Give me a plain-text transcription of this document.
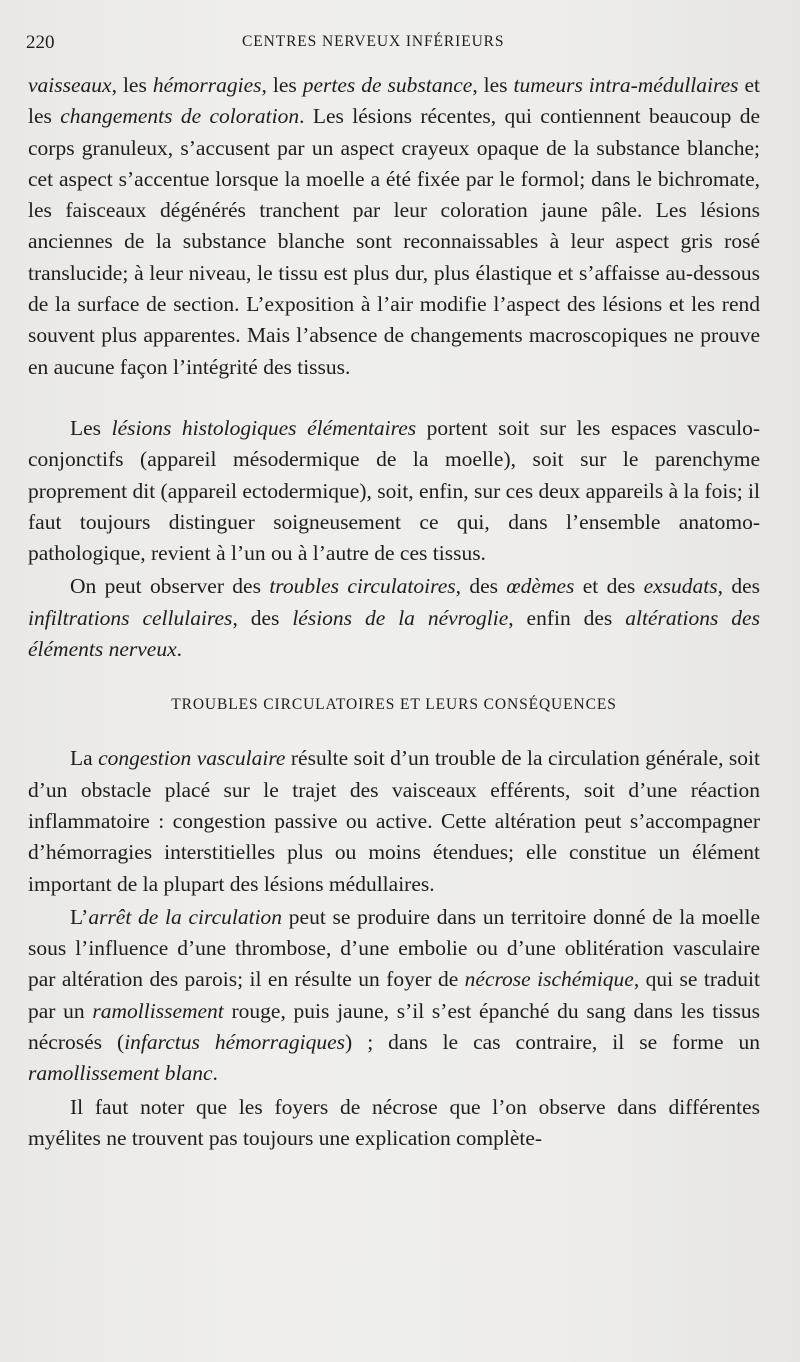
220	CENTRES NERVEUX INFÉRIEURS

vaisseaux, les hémorragies, les pertes de substance, les tumeurs intra-médullaires et les changements de coloration. Les lésions récentes, qui contiennent beaucoup de corps granuleux, s’accusent par un aspect crayeux opaque de la substance blanche; cet aspect s’accentue lorsque la moelle a été fixée par le formol; dans le bichromate, les faisceaux dégénérés tranchent par leur coloration jaune pâle. Les lésions anciennes de la substance blanche sont reconnaissables à leur aspect gris rosé translucide; à leur niveau, le tissu est plus dur, plus élastique et s’affaisse au-dessous de la surface de section. L’exposition à l’air modifie l’aspect des lésions et les rend souvent plus apparentes. Mais l’absence de changements macroscopiques ne prouve en aucune façon l’intégrité des tissus.

Les lésions histologiques élémentaires portent soit sur les espaces vasculo-conjonctifs (appareil mésodermique de la moelle), soit sur le parenchyme proprement dit (appareil ectodermique), soit, enfin, sur ces deux appareils à la fois; il faut toujours distinguer soigneusement ce qui, dans l’ensemble anatomo-pathologique, revient à l’un ou à l’autre de ces tissus.

On peut observer des troubles circulatoires, des œdèmes et des exsudats, des infiltrations cellulaires, des lésions de la névroglie, enfin des altérations des éléments nerveux.

TROUBLES CIRCULATOIRES ET LEURS CONSÉQUENCES

La congestion vasculaire résulte soit d’un trouble de la circulation générale, soit d’un obstacle placé sur le trajet des vaisceaux efférents, soit d’une réaction inflammatoire : congestion passive ou active. Cette altération peut s’accompagner d’hémorragies interstitielles plus ou moins étendues; elle constitue un élément important de la plupart des lésions médullaires.

L’arrêt de la circulation peut se produire dans un territoire donné de la moelle sous l’influence d’une thrombose, d’une embolie ou d’une oblitération vasculaire par altération des parois; il en résulte un foyer de nécrose ischémique, qui se traduit par un ramollissement rouge, puis jaune, s’il s’est épanché du sang dans les tissus nécrosés (infarctus hémorragiques) ; dans le cas contraire, il se forme un ramollissement blanc.

Il faut noter que les foyers de nécrose que l’on observe dans différentes myélites ne trouvent pas toujours une explication complète-
